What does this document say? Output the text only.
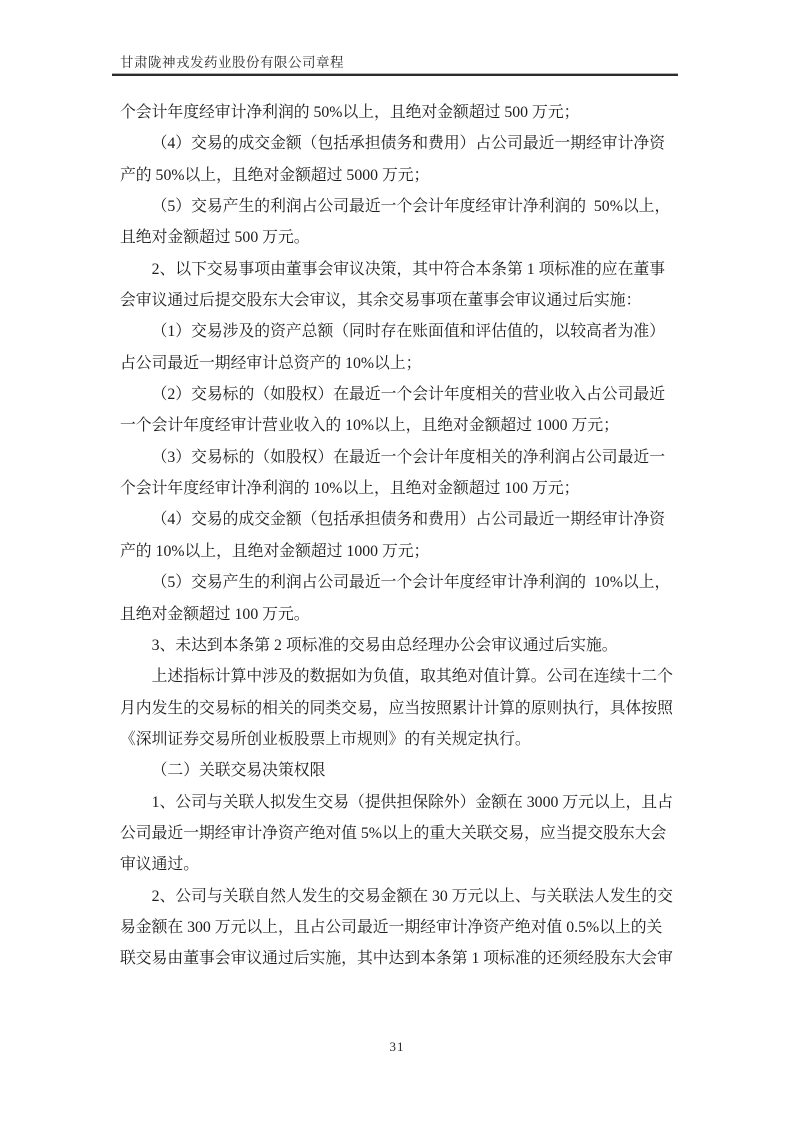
甘肃陇神戎发药业股份有限公司章程
个会计年度经审计净利润的 50%以上，且绝对金额超过 500 万元；
（4）交易的成交金额（包括承担债务和费用）占公司最近一期经审计净资
产的 50%以上，且绝对金额超过 5000 万元；
（5）交易产生的利润占公司最近一个会计年度经审计净利润的  50%以上，
且绝对金额超过 500 万元。
2、以下交易事项由董事会审议决策，其中符合本条第 1 项标准的应在董事
会审议通过后提交股东大会审议，其余交易事项在董事会审议通过后实施：
（1）交易涉及的资产总额（同时存在账面值和评估值的，以较高者为准）
占公司最近一期经审计总资产的 10%以上；
（2）交易标的（如股权）在最近一个会计年度相关的营业收入占公司最近
一个会计年度经审计营业收入的 10%以上，且绝对金额超过 1000 万元；
（3）交易标的（如股权）在最近一个会计年度相关的净利润占公司最近一
个会计年度经审计净利润的 10%以上，且绝对金额超过 100 万元；
（4）交易的成交金额（包括承担债务和费用）占公司最近一期经审计净资
产的 10%以上，且绝对金额超过 1000 万元；
（5）交易产生的利润占公司最近一个会计年度经审计净利润的  10%以上，
且绝对金额超过 100 万元。
3、未达到本条第 2 项标准的交易由总经理办公会审议通过后实施。
上述指标计算中涉及的数据如为负值，取其绝对值计算。公司在连续十二个
月内发生的交易标的相关的同类交易，应当按照累计计算的原则执行，具体按照
《深圳证券交易所创业板股票上市规则》的有关规定执行。
（二）关联交易决策权限
1、公司与关联人拟发生交易（提供担保除外）金额在 3000 万元以上，且占
公司最近一期经审计净资产绝对值 5%以上的重大关联交易，应当提交股东大会
审议通过。
2、公司与关联自然人发生的交易金额在 30 万元以上、与关联法人发生的交
易金额在 300 万元以上，且占公司最近一期经审计净资产绝对值 0.5%以上的关
联交易由董事会审议通过后实施，其中达到本条第 1 项标准的还须经股东大会审
31
